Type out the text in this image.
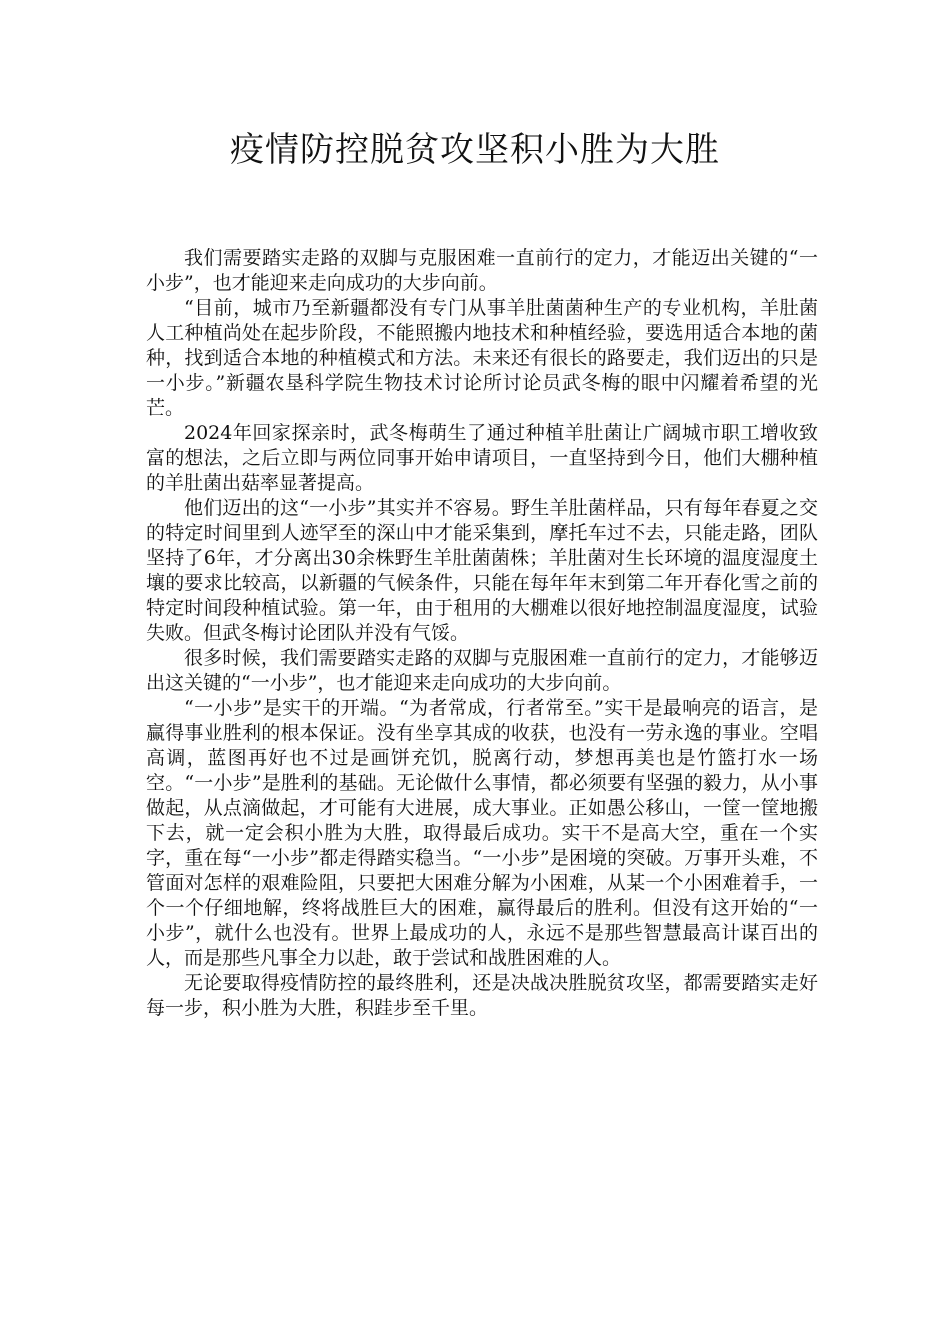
疫情防控脱贫攻坚积小胜为大胜

我们需要踏实走路的双脚与克服困难一直前行的定力，才能迈出关键的“一小步”，也才能迎来走向成功的大步向前。

“目前，城市乃至新疆都没有专门从事羊肚菌菌种生产的专业机构，羊肚菌人工种植尚处在起步阶段，不能照搬内地技术和种植经验，要选用适合本地的菌种，找到适合本地的种植模式和方法。未来还有很长的路要走，我们迈出的只是一小步。”新疆农垦科学院生物技术讨论所讨论员武冬梅的眼中闪耀着希望的光芒。

2024年回家探亲时，武冬梅萌生了通过种植羊肚菌让广阔城市职工增收致富的想法，之后立即与两位同事开始申请项目，一直坚持到今日，他们大棚种植的羊肚菌出菇率显著提高。

他们迈出的这“一小步”其实并不容易。野生羊肚菌样品，只有每年春夏之交的特定时间里到人迹罕至的深山中才能采集到，摩托车过不去，只能走路，团队坚持了6年，才分离出30余株野生羊肚菌菌株；羊肚菌对生长环境的温度湿度土壤的要求比较高，以新疆的气候条件，只能在每年年末到第二年开春化雪之前的特定时间段种植试验。第一年，由于租用的大棚难以很好地控制温度湿度，试验失败。但武冬梅讨论团队并没有气馁。

很多时候，我们需要踏实走路的双脚与克服困难一直前行的定力，才能够迈出这关键的“一小步”，也才能迎来走向成功的大步向前。

“一小步”是实干的开端。“为者常成，行者常至。”实干是最响亮的语言，是赢得事业胜利的根本保证。没有坐享其成的收获，也没有一劳永逸的事业。空唱高调，蓝图再好也不过是画饼充饥，脱离行动，梦想再美也是竹篮打水一场空。“一小步”是胜利的基础。无论做什么事情，都必须要有坚强的毅力，从小事做起，从点滴做起，才可能有大进展，成大事业。正如愚公移山，一筐一筐地搬下去，就一定会积小胜为大胜，取得最后成功。实干不是高大空，重在一个实字，重在每“一小步”都走得踏实稳当。“一小步”是困境的突破。万事开头难，不管面对怎样的艰难险阻，只要把大困难分解为小困难，从某一个小困难着手，一个一个仔细地解，终将战胜巨大的困难，赢得最后的胜利。但没有这开始的“一小步”，就什么也没有。世界上最成功的人，永远不是那些智慧最高计谋百出的人，而是那些凡事全力以赴，敢于尝试和战胜困难的人。

无论要取得疫情防控的最终胜利，还是决战决胜脱贫攻坚，都需要踏实走好每一步，积小胜为大胜，积跬步至千里。
